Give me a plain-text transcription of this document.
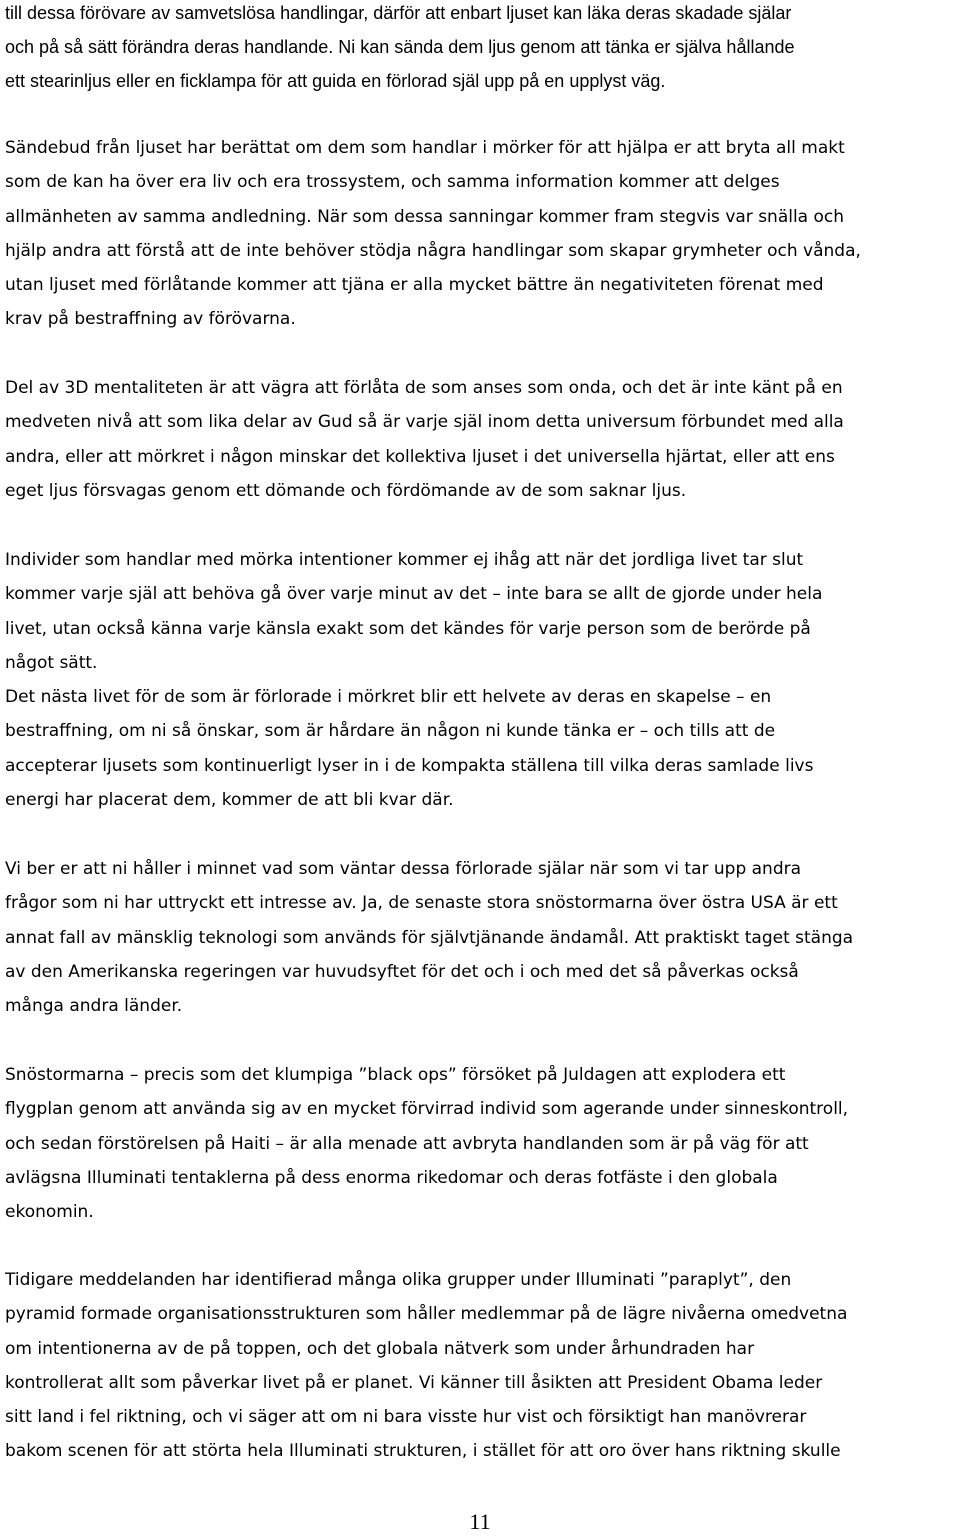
till dessa förövare av samvetslösa handlingar, därför att enbart ljuset kan läka deras skadade själar
och på så sätt förändra deras handlande. Ni kan sända dem ljus genom att tänka er själva hållande
ett stearinljus eller en ficklampa för att guida en förlorad själ upp på en upplyst väg.

Sändebud från ljuset har berättat om dem som handlar i mörker för att hjälpa er att bryta all makt
som de kan ha över era liv och era trossystem, och samma information kommer att delges
allmänheten av samma andledning. När som dessa sanningar kommer fram stegvis var snälla och
hjälp andra att förstå att de inte behöver stödja några handlingar som skapar grymheter och vånda,
utan ljuset med förlåtande kommer att tjäna er alla mycket bättre än negativiteten förenat med
krav på bestraffning av förövarna.

Del av 3D mentaliteten är att vägra att förlåta de som anses som onda, och det är inte känt på en
medveten nivå att som lika delar av Gud så är varje själ inom detta universum förbundet med alla
andra, eller att mörkret i någon minskar det kollektiva ljuset i det universella hjärtat, eller att ens
eget ljus försvagas genom ett dömande och fördömande av de som saknar ljus.

Individer som handlar med mörka intentioner kommer ej ihåg att när det jordliga livet tar slut
kommer varje själ att behöva gå över varje minut av det – inte bara se allt de gjorde under hela
livet, utan också känna varje känsla exakt som det kändes för varje person som de berörde på
något sätt.

Det nästa livet för de som är förlorade i mörkret blir ett helvete av deras en skapelse – en
bestraffning, om ni så önskar, som är hårdare än någon ni kunde tänka er – och tills att de
accepterar ljusets som kontinuerligt lyser in i de kompakta ställena till vilka deras samlade livs
energi har placerat dem, kommer de att bli kvar där.

Vi ber er att ni håller i minnet vad som väntar dessa förlorade själar när som vi tar upp andra
frågor som ni har uttryckt ett intresse av. Ja, de senaste stora snöstormarna över östra USA är ett
annat fall av mänsklig teknologi som används för självtjänande ändamål. Att praktiskt taget stänga
av den Amerikanska regeringen var huvudsyftet för det och i och med det så påverkas också
många andra länder.

Snöstormarna – precis som det klumpiga ”black ops” försöket på Juldagen att explodera ett
flygplan genom att använda sig av en mycket förvirrad individ som agerande under sinneskontroll,
och sedan förstörelsen på Haiti – är alla menade att avbryta handlanden som är på väg för att
avlägsna Illuminati tentaklerna på dess enorma rikedomar och deras fotfäste i den globala
ekonomin.

Tidigare meddelanden har identifierad många olika grupper under Illuminati ”paraplyt”, den
pyramid formade organisationsstrukturen som håller medlemmar på de lägre nivåerna omedvetna
om intentionerna av de på toppen, och det globala nätverk som under århundraden har
kontrollerat allt som påverkar livet på er planet. Vi känner till åsikten att President Obama leder
sitt land i fel riktning, och vi säger att om ni bara visste hur vist och försiktigt han manövrerar
bakom scenen för att störta hela Illuminati strukturen, i stället för att oro över hans riktning skulle

11
